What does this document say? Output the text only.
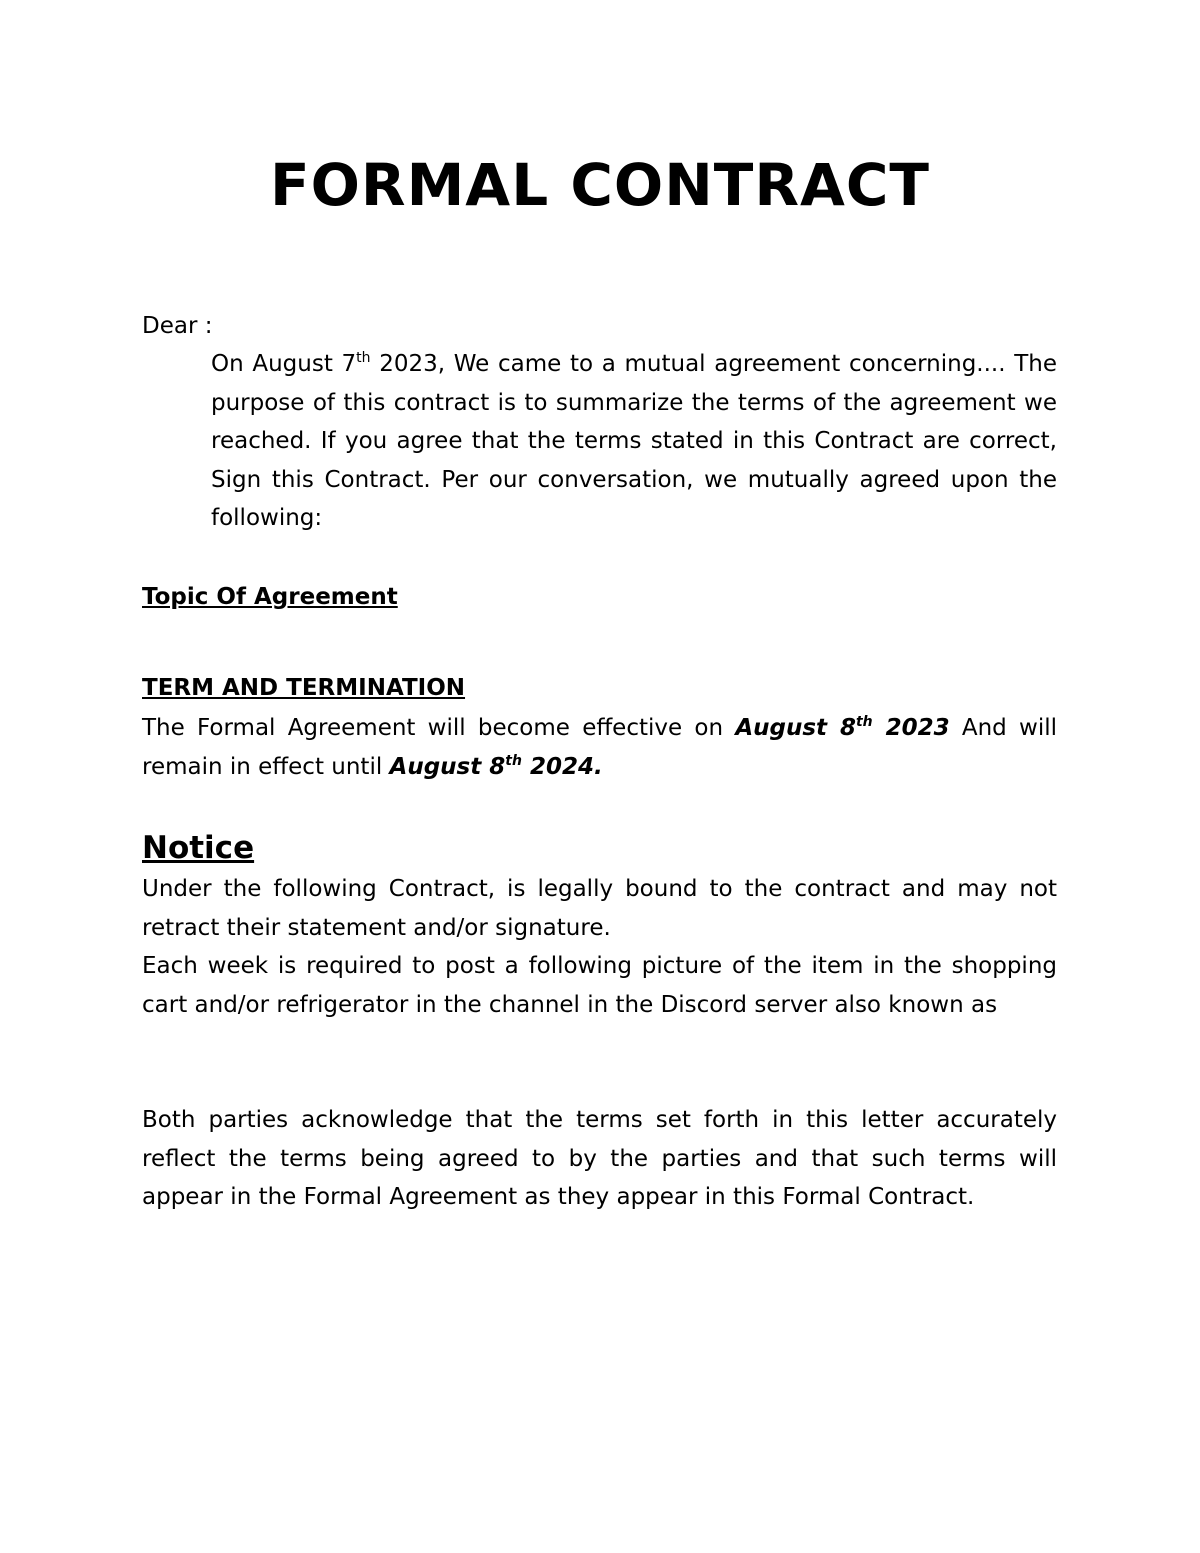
FORMAL CONTRACT
Dear :
On August 7th 2023, We came to a mutual agreement concerning.... The purpose of this contract is to summarize the terms of the agreement we reached. If you agree that the terms stated in this Contract are correct, Sign this Contract. Per our conversation, we mutually agreed upon the following:
Topic Of Agreement
TERM AND TERMINATION
The Formal Agreement will become effective on August 8th 2023 And will remain in effect until August 8th 2024.
Notice

Under the following Contract, is legally bound to the contract and may not retract their statement and/or signature.

Each week is required to post a following picture of the item in the shopping cart and/or refrigerator in the channel in the Discord server also known as

Both parties acknowledge that the terms set forth in this letter accurately reflect the terms being agreed to by the parties and that such terms will appear in the Formal Agreement as they appear in this Formal Contract.
